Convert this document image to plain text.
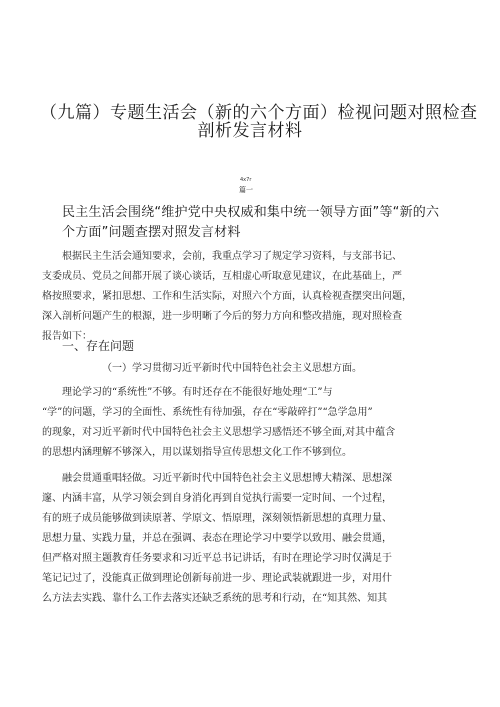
（九篇）专题生活会（新的六个方面）检视问题对照检查
剖析发言材料
4x7r
篇一
民主生活会围绕“维护党中央权威和集中统一领导方面”等“新的六
个方面”问题查摆对照发言材料
根据民主生活会通知要求，会前，我重点学习了规定学习资料，与支部书记、
支委成员、党员之间都开展了谈心谈话，互相虚心听取意见建议，在此基础上，严
格按照要求，紧扣思想、工作和生活实际，对照六个方面，认真检视查摆突出问题，
深入剖析问题产生的根源，进一步明晰了今后的努力方向和整改措施，现对照检查
报告如下：
一、存在问题
（一）学习贯彻习近平新时代中国特色社会主义思想方面。
理论学习的“系统性”不够。有时还存在不能很好地处理“工”与
“学”的问题，学习的全面性、系统性有待加强，存在“零敲碎打”“急学急用”
的现象，对习近平新时代中国特色社会主义思想学习感悟还不够全面,对其中蕴含
的思想内涵理解不够深入，用以谋划指导宣传思想文化工作不够到位。
融会贯通重唱轻做。习近平新时代中国特色社会主义思想博大精深、思想深
邃、内涵丰富，从学习领会到自身消化再到自觉执行需要一定时间、一个过程，
有的班子成员能够做到读原著、学原文、悟原理，深刻领悟新思想的真理力量、
思想力量、实践力量，并总在强调、表态在理论学习中要学以致用、融会贯通，
但严格对照主题教育任务要求和习近平总书记讲话，有时在理论学习时仅满足于
笔记记过了，没能真正做到理论创新每前进一步、理论武装就跟进一步，对用什
么方法去实践、靠什么工作去落实还缺乏系统的思考和行动，在“知其然、知其
